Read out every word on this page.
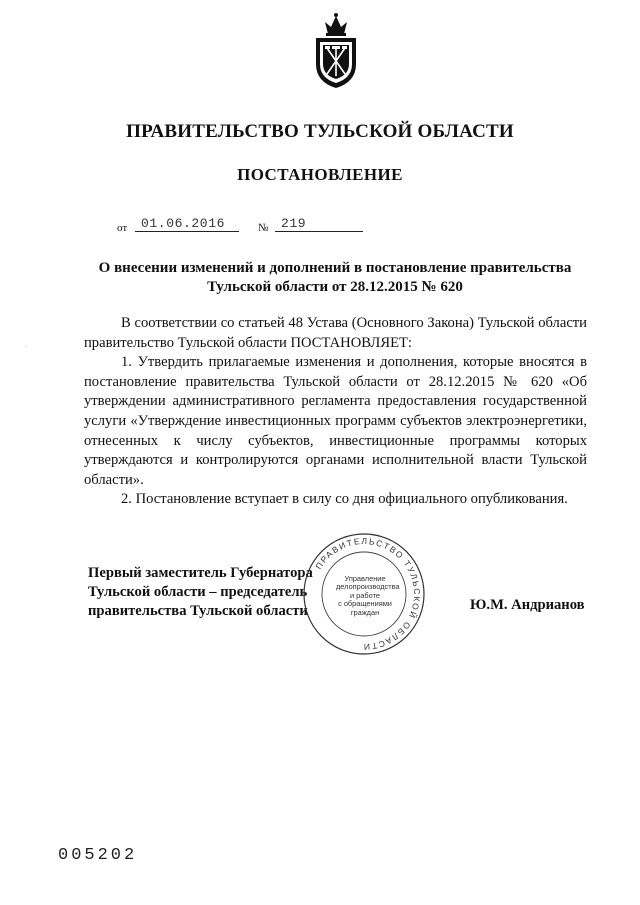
ПРАВИТЕЛЬСТВО ТУЛЬСКОЙ ОБЛАСТИ
ПОСТАНОВЛЕНИЕ
от 01.06.2016	№ 219
О внесении изменений и дополнений в постановление правительства
Тульской области от 28.12.2015 № 620
ʾ

В соответствии со статьей 48 Устава (Основного Закона) Тульской области правительство Тульской области ПОСТАНОВЛЯЕТ:

1. Утвердить прилагаемые изменения и дополнения, которые вносятся в постановление правительства Тульской области от 28.12.2015 № 620 «Об утверждении административного регламента предоставления государственной услуги «Утверждение инвестиционных программ субъектов электроэнергетики, отнесенных к числу субъектов, инвестиционные программы которых утверждаются и контролируются органами исполнительной власти Тульской области».

2. Постановление вступает в силу со дня официального опубликования.

Первый заместитель Губернатора
Тульской области – председатель
правительства Тульской области
ПРАВИТЕЛЬСТВО ТУЛЬСКОЙ ОБЛАСТИ
Управление
делопроизводства
и работе
с обращениями
граждан	Ю.М. Андрианов
005202
